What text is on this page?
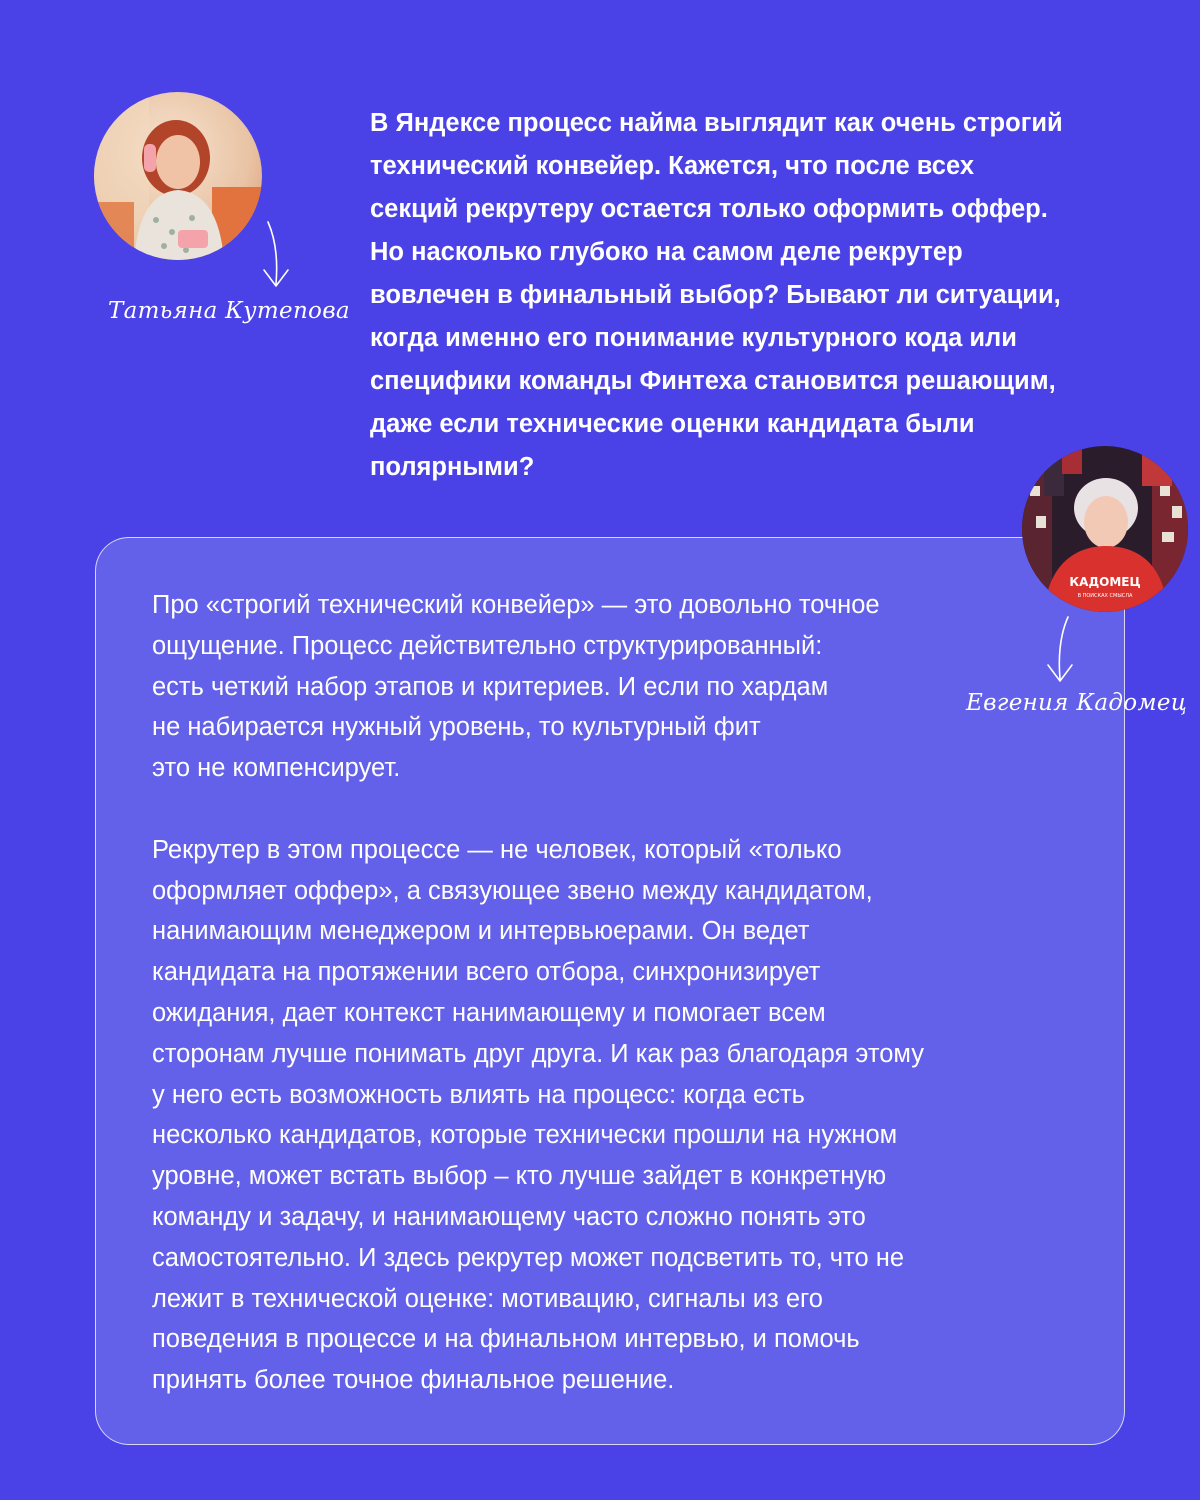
Татьяна Кутепова
В Яндексе процесс найма выглядит как очень строгий
технический конвейер. Кажется, что после всех
секций рекрутеру остается только оформить оффер.
Но насколько глубоко на самом деле рекрутер
вовлечен в финальный выбор? Бывают ли ситуации,
когда именно его понимание культурного кода или
специфики команды Финтеха становится решающим,
даже если технические оценки кандидата были
полярными?
Про «строгий технический конвейер» — это довольно точное
ощущение. Процесс действительно структурированный:
есть четкий набор этапов и критериев. И если по хардам
не набирается нужный уровень, то культурный фит
это не компенсирует.
Рекрутер в этом процессе — не человек, который «только
оформляет оффер», а связующее звено между кандидатом,
нанимающим менеджером и интервьюерами. Он ведет
кандидата на протяжении всего отбора, синхронизирует
ожидания, дает контекст нанимающему и помогает всем
сторонам лучше понимать друг друга. И как раз благодаря этому
у него есть возможность влиять на процесс: когда есть
несколько кандидатов, которые технически прошли на нужном
уровне, может встать выбор – кто лучше зайдет в конкретную
команду и задачу, и нанимающему часто сложно понять это
самостоятельно. И здесь рекрутер может подсветить то, что не
лежит в технической оценке: мотивацию, сигналы из его
поведения в процессе и на финальном интервью, и помочь
принять более точное финальное решение.
КАДОМЕЦ
В ПОИСКАХ СМЫСЛА
Евгения Кадомец
